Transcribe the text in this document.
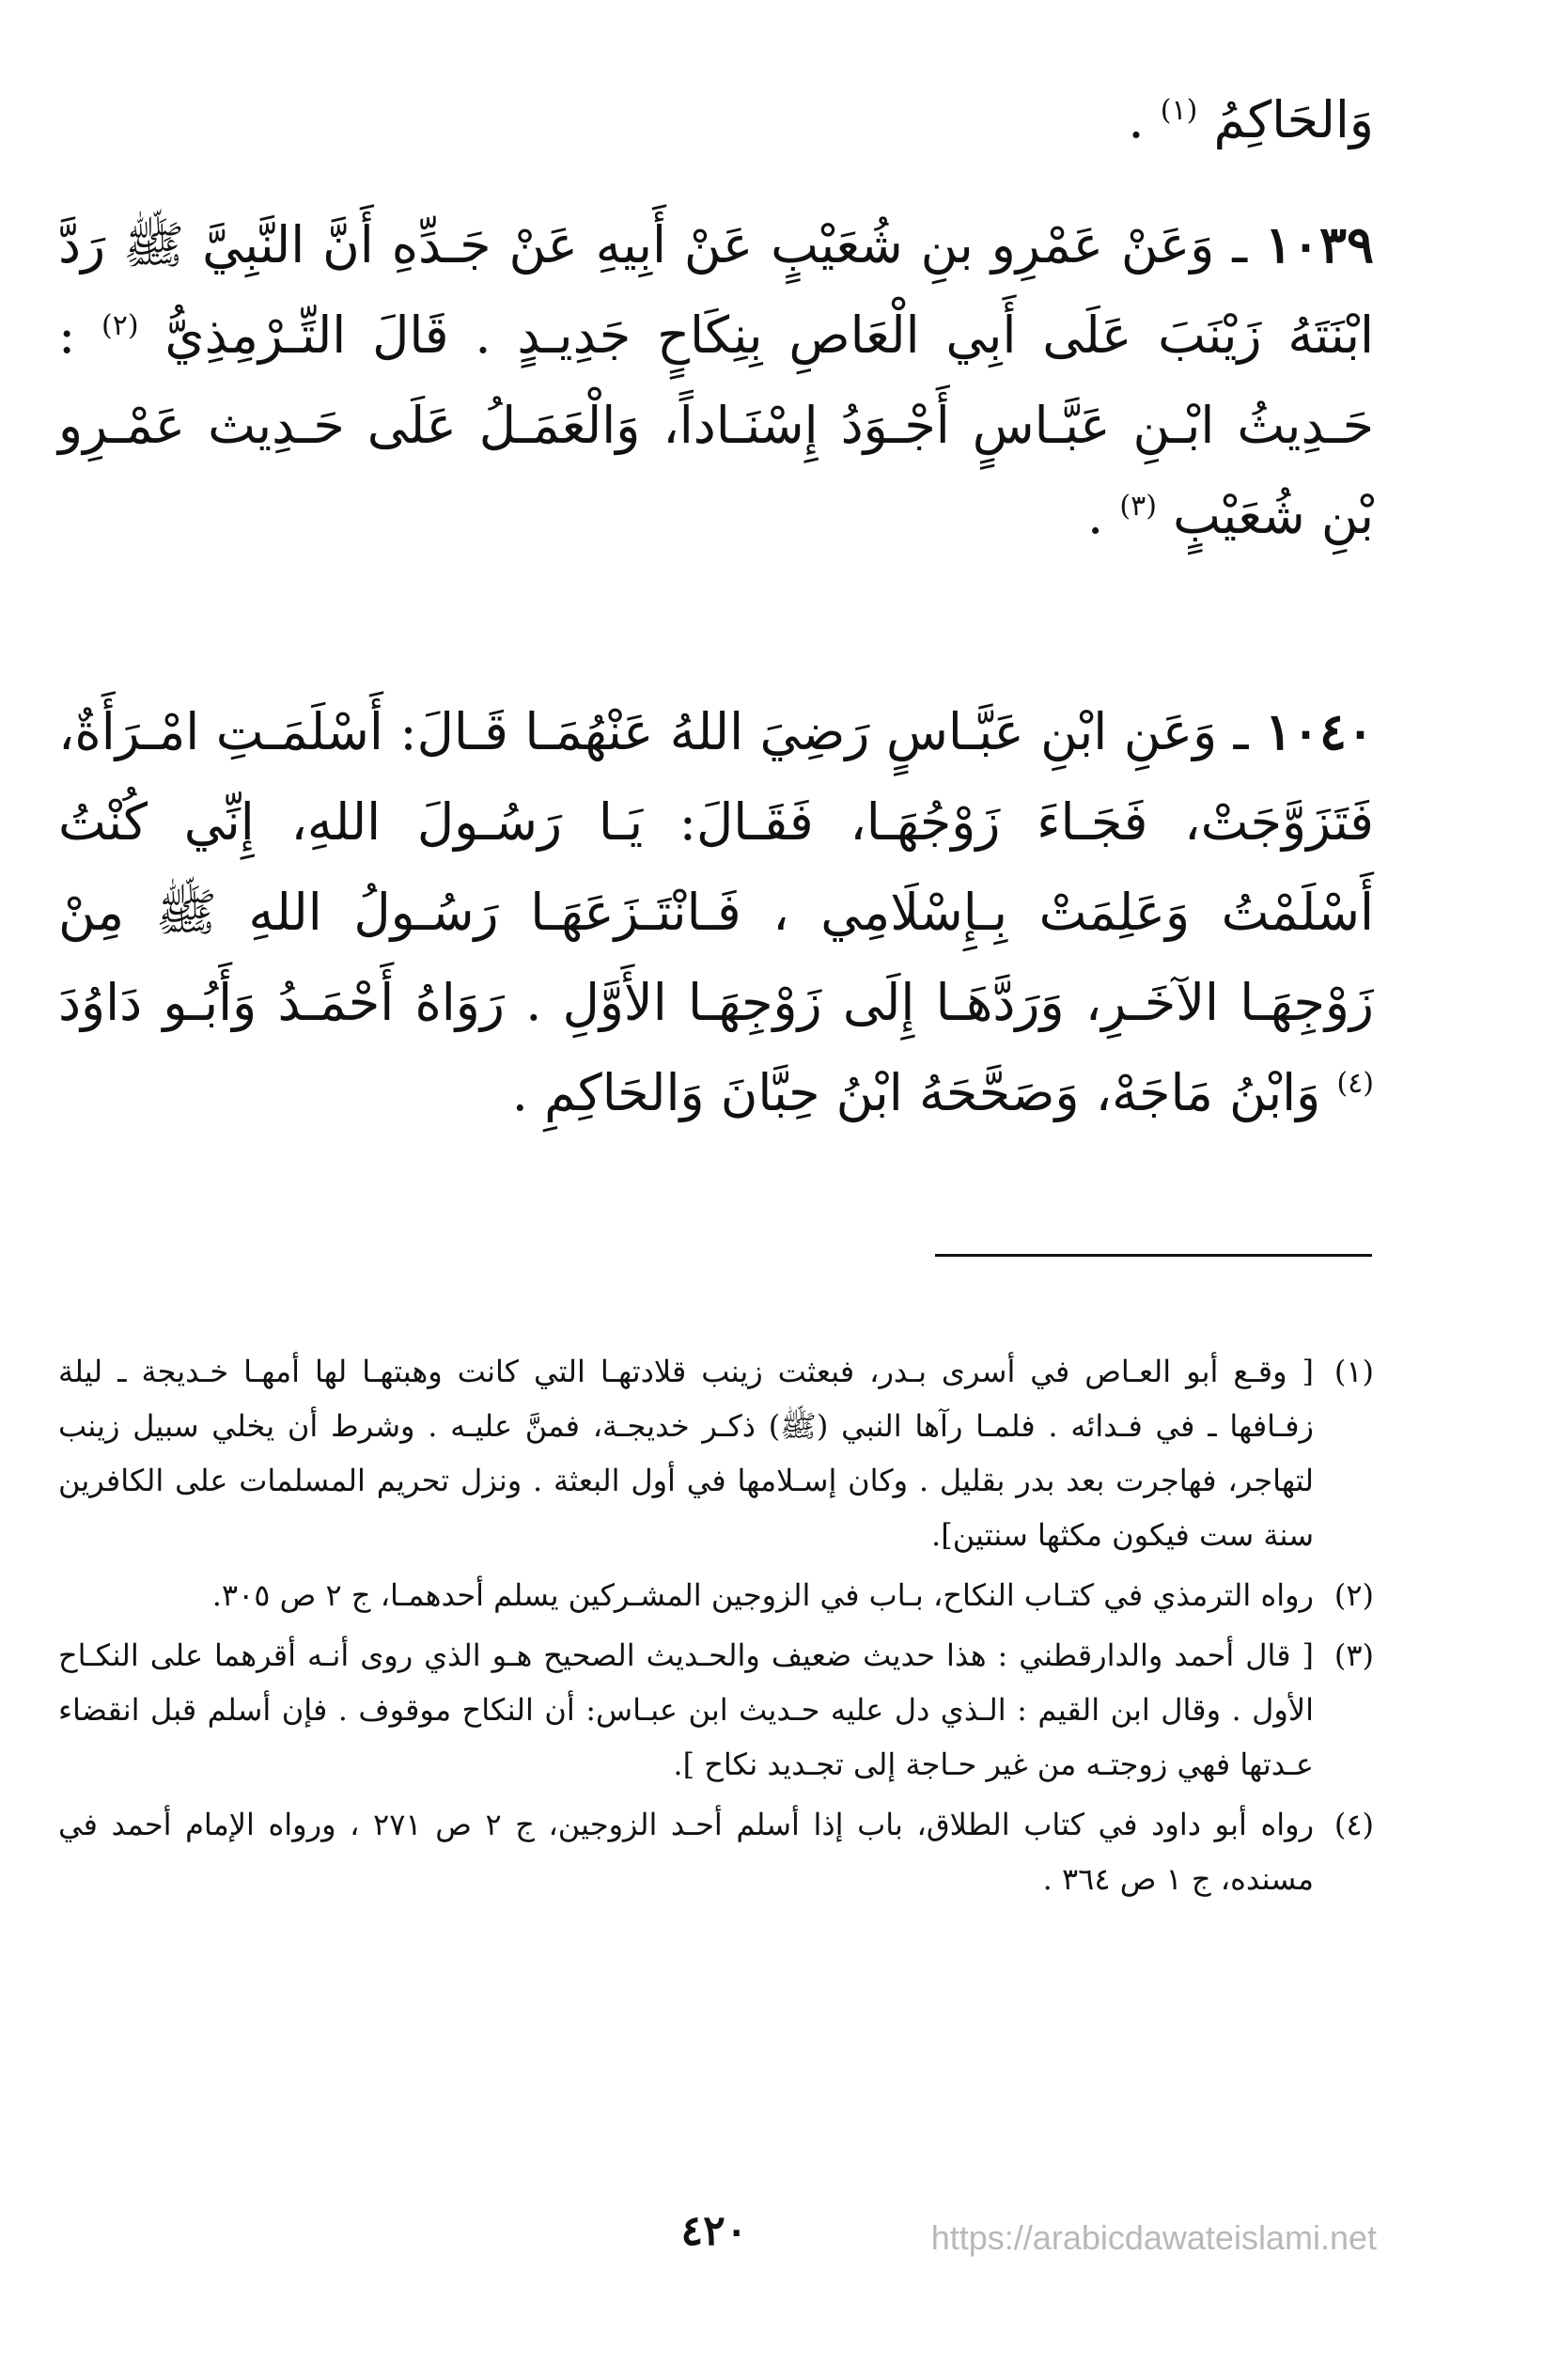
وَالحَاكِمُ $^{(١)}$ .

١٠٣٩ ـ وَعَنْ عَمْرِو بنِ شُعَيْبٍ عَنْ أَبِيهِ عَنْ جَـدِّهِ أَنَّ النَّبِيَّ ﷺ رَدَّ ابْنَتَهُ زَيْنَبَ عَلَى أَبِي الْعَاصِ بِنِكَاحٍ جَدِيـدٍ . قَالَ التِّـرْمِذِيُّ $^{(٢)}$ : حَـدِيثُ ابْـنِ عَبَّـاسٍ أَجْـوَدُ إِسْنَـاداً، وَالْعَمَـلُ عَلَى حَـدِيث عَمْـرِو بْنِ شُعَيْبٍ $^{(٣)}$ .

١٠٤٠ ـ وَعَنِ ابْنِ عَبَّـاسٍ رَضِيَ اللهُ عَنْهُمَـا قَـالَ: أَسْلَمَـتِ امْـرَأَةٌ، فَتَزَوَّجَتْ، فَجَـاءَ زَوْجُهَـا، فَقَـالَ: يَـا رَسُـولَ اللهِ، إِنِّي كُنْتُ أَسْلَمْتُ وَعَلِمَتْ بِـإِسْلَامِي ، فَـانْتَـزَعَهَـا رَسُـولُ اللهِ ﷺ مِنْ زَوْجِهَـا الآخَـرِ، وَرَدَّهَـا إِلَى زَوْجِهَـا الأَوَّلِ . رَوَاهُ أَحْمَـدُ وَأَبُـو دَاوُدَ $^{(٤)}$ وَابْنُ مَاجَهْ، وَصَحَّحَهُ ابْنُ حِبَّانَ وَالحَاكِمِ .

(١)
[ وقـع أبو العـاص في أسرى بـدر، فبعثت زينب قلادتهـا التي كانت وهبتهـا لها أمهـا خـديجة ـ ليلة زفـافها ـ في فـدائه . فلمـا رآها النبي (ﷺ) ذكـر خديجـة، فمنَّ عليـه . وشرط أن يخلي سبيل زينب لتهاجر، فهاجرت بعد بدر بقليل . وكان إسـلامها في أول البعثة . ونزل تحريم المسلمات على الكافرين سنة ست فيكون مكثها سنتين].
(٢)
رواه الترمذي في كتـاب النكاح، بـاب في الزوجين المشـركين يسلم أحدهمـا، ج ٢ ص ٣٠٥.
(٣)
[ قال أحمد والدارقطني : هذا حديث ضعيف والحـديث الصحيح هـو الذي روى أنـه أقرهما على النكـاح الأول . وقال ابن القيم : الـذي دل عليه حـديث ابن عبـاس: أن النكاح موقوف . فإن أسلم قبل انقضاء عـدتها فهي زوجتـه من غير حـاجة إلى تجـديد نكاح ].
(٤)
رواه أبو داود في كتاب الطلاق، باب إذا أسلم أحـد الزوجين، ج ٢ ص ٢٧١ ، ورواه الإمام أحمد في مسنده، ج ١ ص ٣٦٤ .
٤٢٠	https://arabicdawateislami.net
